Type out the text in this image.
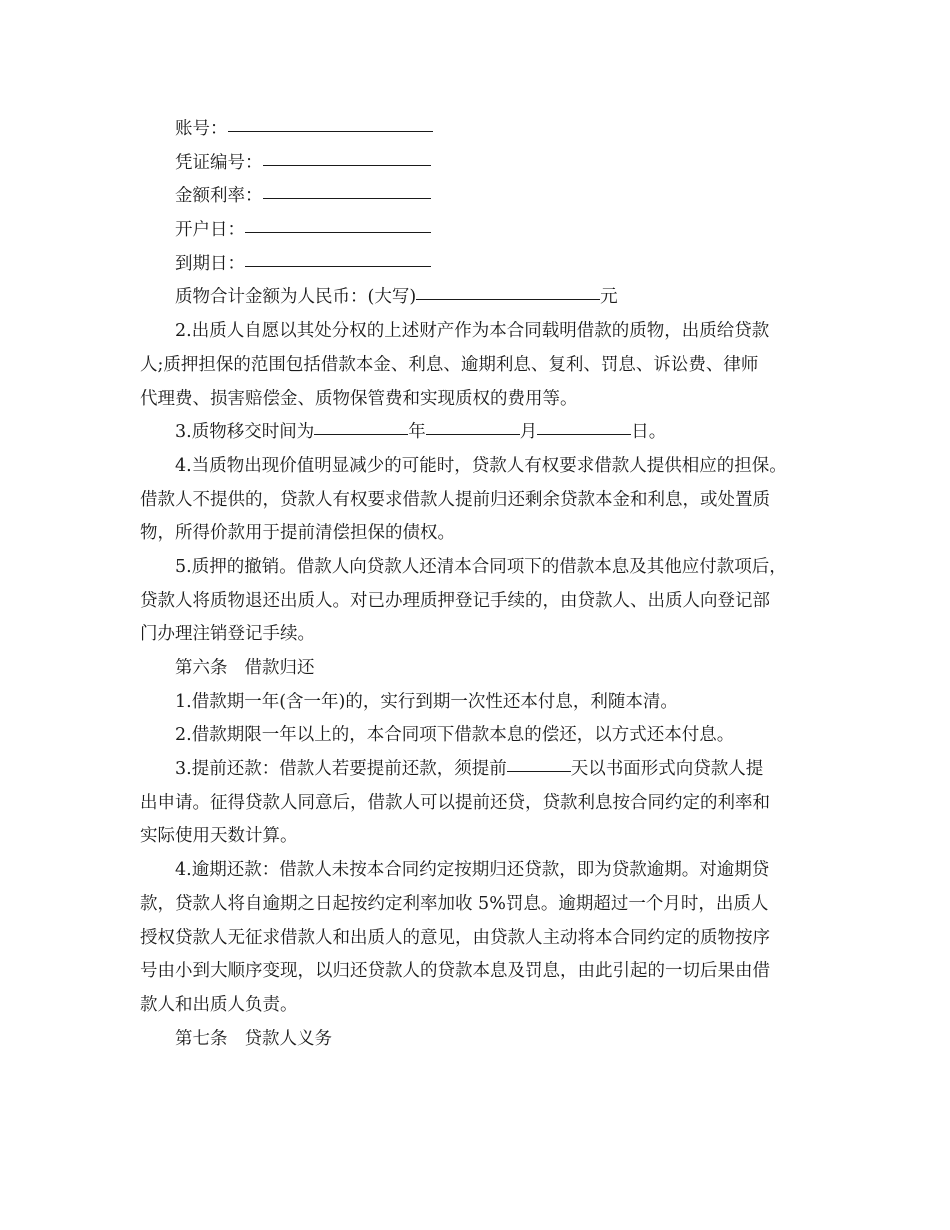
账号：
凭证编号：
金额利率：
开户日：
到期日：
质物合计金额为人民币：(大写)	元
2.出质人自愿以其处分权的上述财产作为本合同载明借款的质物，出质给贷款
人;质押担保的范围包括借款本金、利息、逾期利息、复利、罚息、诉讼费、律师
代理费、损害赔偿金、质物保管费和实现质权的费用等。
3.质物移交时间为	年	月	日。
4.当质物出现价值明显减少的可能时，贷款人有权要求借款人提供相应的担保。
借款人不提供的，贷款人有权要求借款人提前归还剩余贷款本金和利息，或处置质
物，所得价款用于提前清偿担保的债权。
5.质押的撤销。借款人向贷款人还清本合同项下的借款本息及其他应付款项后，
贷款人将质物退还出质人。对已办理质押登记手续的，由贷款人、出质人向登记部
门办理注销登记手续。
第六条 借款归还
1.借款期一年(含一年)的，实行到期一次性还本付息，利随本清。
2.借款期限一年以上的，本合同项下借款本息的偿还，以方式还本付息。
3.提前还款：借款人若要提前还款，须提前	天以书面形式向贷款人提
出申请。征得贷款人同意后，借款人可以提前还贷，贷款利息按合同约定的利率和
实际使用天数计算。
4.逾期还款：借款人未按本合同约定按期归还贷款，即为贷款逾期。对逾期贷
款，贷款人将自逾期之日起按约定利率加收 5%罚息。逾期超过一个月时，出质人
授权贷款人无征求借款人和出质人的意见，由贷款人主动将本合同约定的质物按序
号由小到大顺序变现，以归还贷款人的贷款本息及罚息，由此引起的一切后果由借
款人和出质人负责。
第七条 贷款人义务
